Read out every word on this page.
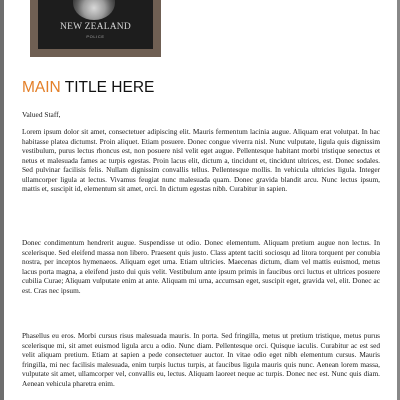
NEW ZEALAND
POLICE
MAIN TITLE HERE
Valued Staff,

Lorem ipsum dolor sit amet, consectetuer adipiscing elit. Mauris fermentum lacinia augue. Aliquam erat volutpat. In hac habitasse platea dictumst. Proin aliquet. Etiam posuere. Donec congue viverra nisl. Nunc vulputate, ligula quis dignissim vestibulum, purus lectus rhoncus est, non posuere nisl velit eget augue. Pellentesque habitant morbi tristique senectus et netus et malesuada fames ac turpis egestas. Proin lacus elit, dictum a, tincidunt et, tincidunt ultrices, est. Donec sodales. Sed pulvinar facilisis felis. Nullam dignissim convallis tellus. Pellentesque mollis. In vehicula ultricies ligula. Integer ullamcorper ligula at lectus. Vivamus feugiat nunc malesuada quam. Donec gravida blandit arcu. Nunc lectus ipsum, mattis et, suscipit id, elementum sit amet, orci. In dictum egestas nibh. Curabitur in sapien.

Donec condimentum hendrerit augue. Suspendisse ut odio. Donec elementum. Aliquam pretium augue non lectus. In scelerisque. Sed eleifend massa non libero. Praesent quis justo. Class aptent taciti sociosqu ad litora torquent per conubia nostra, per inceptos hymenaeos. Aliquam eget urna. Etiam ultricies. Maecenas dictum, diam vel mattis euismod, metus lacus porta magna, a eleifend justo dui quis velit. Vestibulum ante ipsum primis in faucibus orci luctus et ultrices posuere cubilia Curae; Aliquam vulputate enim at ante. Aliquam mi urna, accumsan eget, suscipit eget, gravida vel, elit. Donec ac est. Cras nec ipsum.

Phasellus eu eros. Morbi cursus risus malesuada mauris. In porta. Sed fringilla, metus ut pretium tristique, metus purus scelerisque mi, sit amet euismod ligula arcu a odio. Nunc diam. Pellentesque orci. Quisque iaculis. Curabitur ac est sed velit aliquam pretium. Etiam at sapien a pede consectetuer auctor. In vitae odio eget nibh elementum cursus. Mauris fringilla, mi nec facilisis malesuada, enim turpis luctus turpis, at faucibus ligula mauris quis nunc. Aenean lorem massa, vulputate sit amet, ullamcorper vel, convallis eu, lectus. Aliquam laoreet neque ac turpis. Donec nec est. Nunc quis diam. Aenean vehicula pharetra enim.
